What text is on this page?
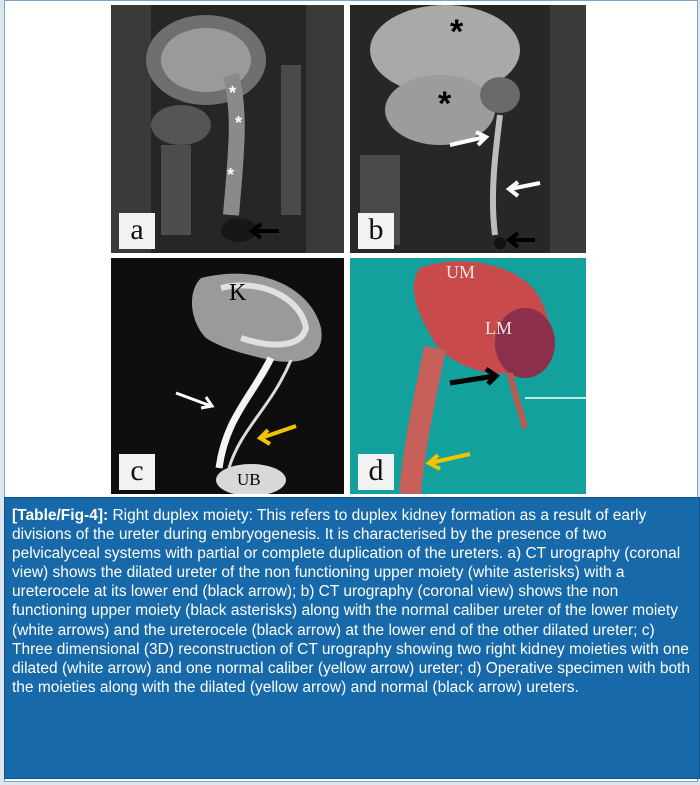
*
*
*
a
*
*
b
K
UB
c
UM
LM
d
[Table/Fig-4]: Right duplex moiety: This refers to duplex kidney formation as a result of early divisions of the ureter during embryogenesis. It is characterised by the presence of two pelvicalyceal systems with partial or complete duplication of the ureters. a) CT urography (coronal view) shows the dilated ureter of the non functioning upper moiety (white asterisks) with a ureterocele at its lower end (black arrow); b) CT urography (coronal view) shows the non functioning upper moiety (black asterisks) along with the normal caliber ureter of the lower moiety (white arrows) and the ureterocele (black arrow) at the lower end of the other dilated ureter; c) Three dimensional (3D) reconstruction of CT urography showing two right kidney moieties with one dilated (white arrow) and one normal caliber (yellow arrow) ureter; d) Operative specimen with both the moieties along with the dilated (yellow arrow) and normal (black arrow) ureters.
